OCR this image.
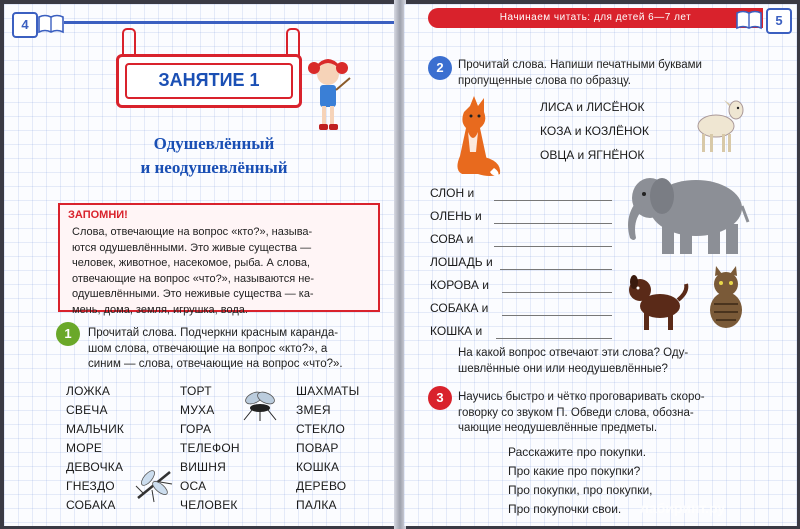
4
ЗАНЯТИЕ 1
Одушевлённый
и неодушевлённый
ЗАПОМНИ!
Слова, отвечающие на вопрос «кто?», называ-
ются одушевлёнными. Это живые существа —
человек, животное, насекомое, рыба. А слова,
отвечающие на вопрос «что?», называются не-
одушевлёнными. Это неживые существа — ка-
мень, дома, земля, игрушка, вода.
1	Прочитай слова. Подчеркни красным каранда-
шом слова, отвечающие на вопрос «кто?», а
синим — слова, отвечающие на вопрос «что?».
ЛОЖКА
СВЕЧА
МАЛЬЧИК
МОРЕ
ДЕВОЧКА
ГНЕЗДО
СОБАКА
ТОРТ
МУХА
ГОРА
ТЕЛЕФОН
ВИШНЯ
ОСА
ЧЕЛОВЕК
ШАХМАТЫ
ЗМЕЯ
СТЕКЛО
ПОВАР
КОШКА
ДЕРЕВО
ПАЛКА
Начинаем читать: для детей 6—7 лет	5
2	Прочитай слова. Напиши печатными буквами
пропущенные слова по образцу.
ЛИСА и ЛИСЁНОК
КОЗА и КОЗЛЁНОК
ОВЦА и ЯГНЁНОК
СЛОН и
ОЛЕНЬ и
СОВА и
ЛОШАДЬ и
КОРОВА и
СОБАКА и
КОШКА и
На какой вопрос отвечают эти слова? Оду-
шевлённые они или неодушевлённые?
3	Научись быстро и чётко проговаривать скоро-
говорку со звуком П. Обведи слова, обозна-
чающие неодушевлённые предметы.
Расскажите про покупки.
Про какие про покупки?
Про покупки, про покупки,
Про покупочки свои.	лабиринт.ру
